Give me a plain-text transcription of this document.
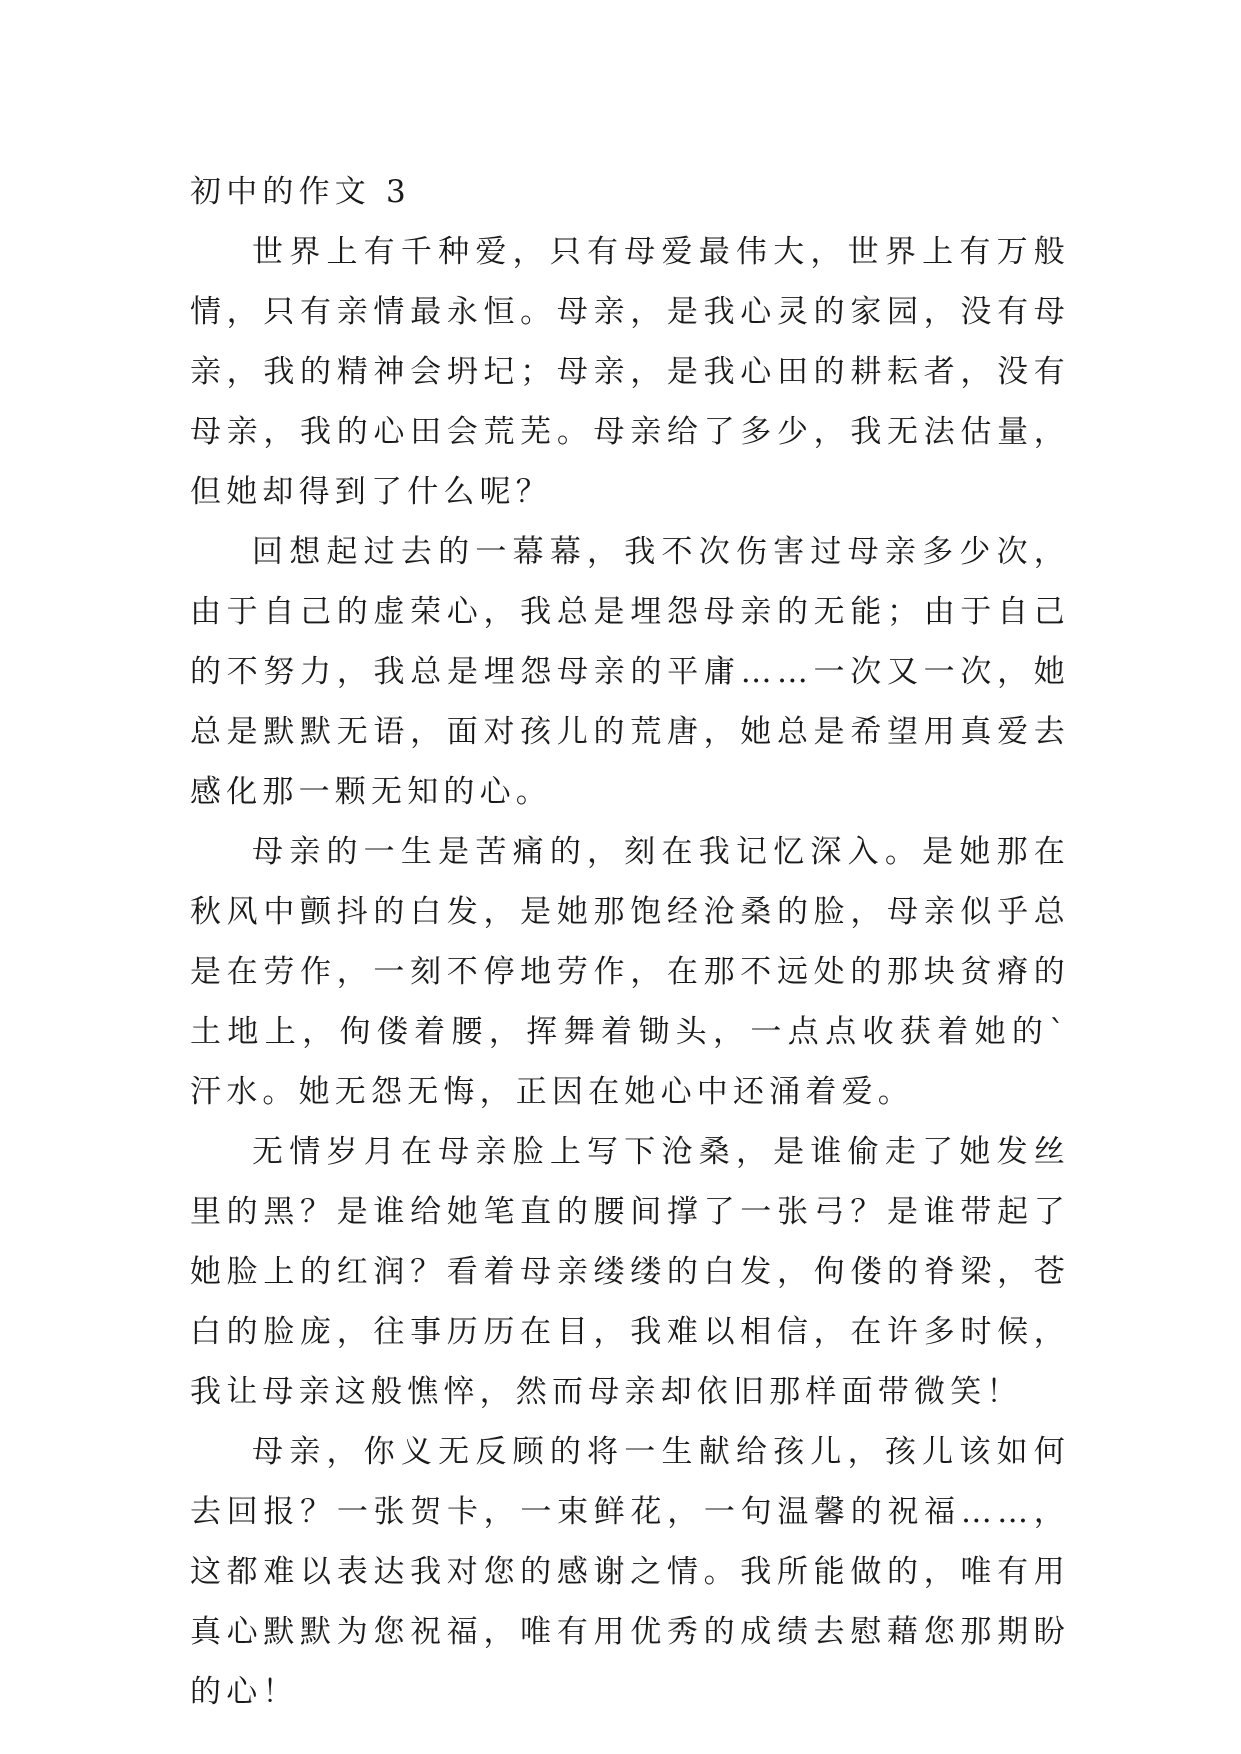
初中的作文 3

世界上有千种爱，只有母爱最伟大，世界上有万般情，只有亲情最永恒。母亲，是我心灵的家园，没有母亲，我的精神会坍圮；母亲，是我心田的耕耘者，没有母亲，我的心田会荒芜。母亲给了多少，我无法估量，但她却得到了什么呢？

回想起过去的一幕幕，我不次伤害过母亲多少次，由于自己的虚荣心，我总是埋怨母亲的无能；由于自己的不努力，我总是埋怨母亲的平庸……一次又一次，她总是默默无语，面对孩儿的荒唐，她总是希望用真爱去感化那一颗无知的心。

母亲的一生是苦痛的，刻在我记忆深入。是她那在秋风中颤抖的白发，是她那饱经沧桑的脸，母亲似乎总是在劳作，一刻不停地劳作，在那不远处的那块贫瘠的土地上，佝偻着腰，挥舞着锄头，一点点收获着她的`汗水。她无怨无悔，正因在她心中还涌着爱。

无情岁月在母亲脸上写下沧桑，是谁偷走了她发丝里的黑？是谁给她笔直的腰间撑了一张弓？是谁带起了她脸上的红润？看着母亲缕缕的白发，佝偻的脊梁，苍白的脸庞，往事历历在目，我难以相信，在许多时候，我让母亲这般憔悴，然而母亲却依旧那样面带微笑！

母亲，你义无反顾的将一生献给孩儿，孩儿该如何去回报？一张贺卡，一束鲜花，一句温馨的祝福……，这都难以表达我对您的感谢之情。我所能做的，唯有用真心默默为您祝福，唯有用优秀的成绩去慰藉您那期盼的心！
